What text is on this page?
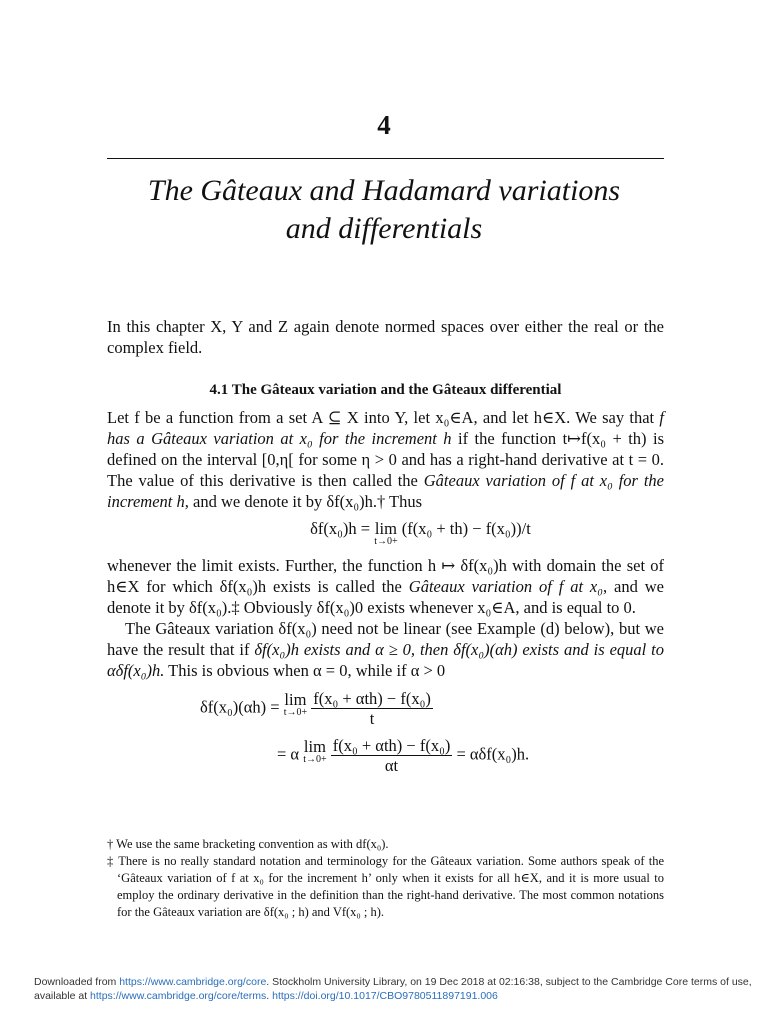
4
The Gâteaux and Hadamard variations
and differentials
In this chapter X, Y and Z again denote normed spaces over either the real or the complex field.
4.1 The Gâteaux variation and the Gâteaux differential

Let f be a function from a set A ⊆ X into Y, let x₀∈A, and let h∈X. We say that f has a Gâteaux variation at x₀ for the increment h if the function t↦f(x₀ + th) is defined on the interval [0,η[ for some η > 0 and has a right-hand derivative at t = 0. The value of this derivative is then called the Gâteaux variation of f at x₀ for the increment h, and we denote it by δf(x₀)h.† Thus

δf(x₀)h = lim
t→0+
(f(x₀ + th) − f(x₀))/t

whenever the limit exists. Further, the function h ↦ δf(x₀)h with domain the set of h∈X for which δf(x₀)h exists is called the Gâteaux variation of f at x₀, and we denote it by δf(x₀).‡ Obviously δf(x₀)0 exists whenever x₀∈A, and is equal to 0.

The Gâteaux variation δf(x₀) need not be linear (see Example (d) below), but we have the result that if δf(x₀)h exists and α ≥ 0, then δf(x₀)(αh) exists and is equal to αδf(x₀)h. This is obvious when α = 0, while if α > 0

δf(x₀)(αh) = lim
t→0+
$\frac{\text{f(x₀ + αth) − f(x₀)}}{t}$
= α lim
t→0+
$\frac{\text{f(x₀ + αth) − f(x₀)}}{\alpha t} = \alpha\delta f(x_0)h$.

† We use the same bracketing convention as with df(x₀).

‡ There is no really standard notation and terminology for the Gâteaux variation. Some authors speak of the ‘Gâteaux variation of f at x₀ for the increment h’ only when it exists for all h∈X, and it is more usual to employ the ordinary derivative in the definition than the right-hand derivative. The most common notations for the Gâteaux variation are δf(x₀ ; h) and Vf(x₀ ; h).

Downloaded from https://www.cambridge.org/core. Stockholm University Library, on 19 Dec 2018 at 02:16:38, subject to the Cambridge Core terms of use, available at https://www.cambridge.org/core/terms. https://doi.org/10.1017/CBO9780511897191.006
